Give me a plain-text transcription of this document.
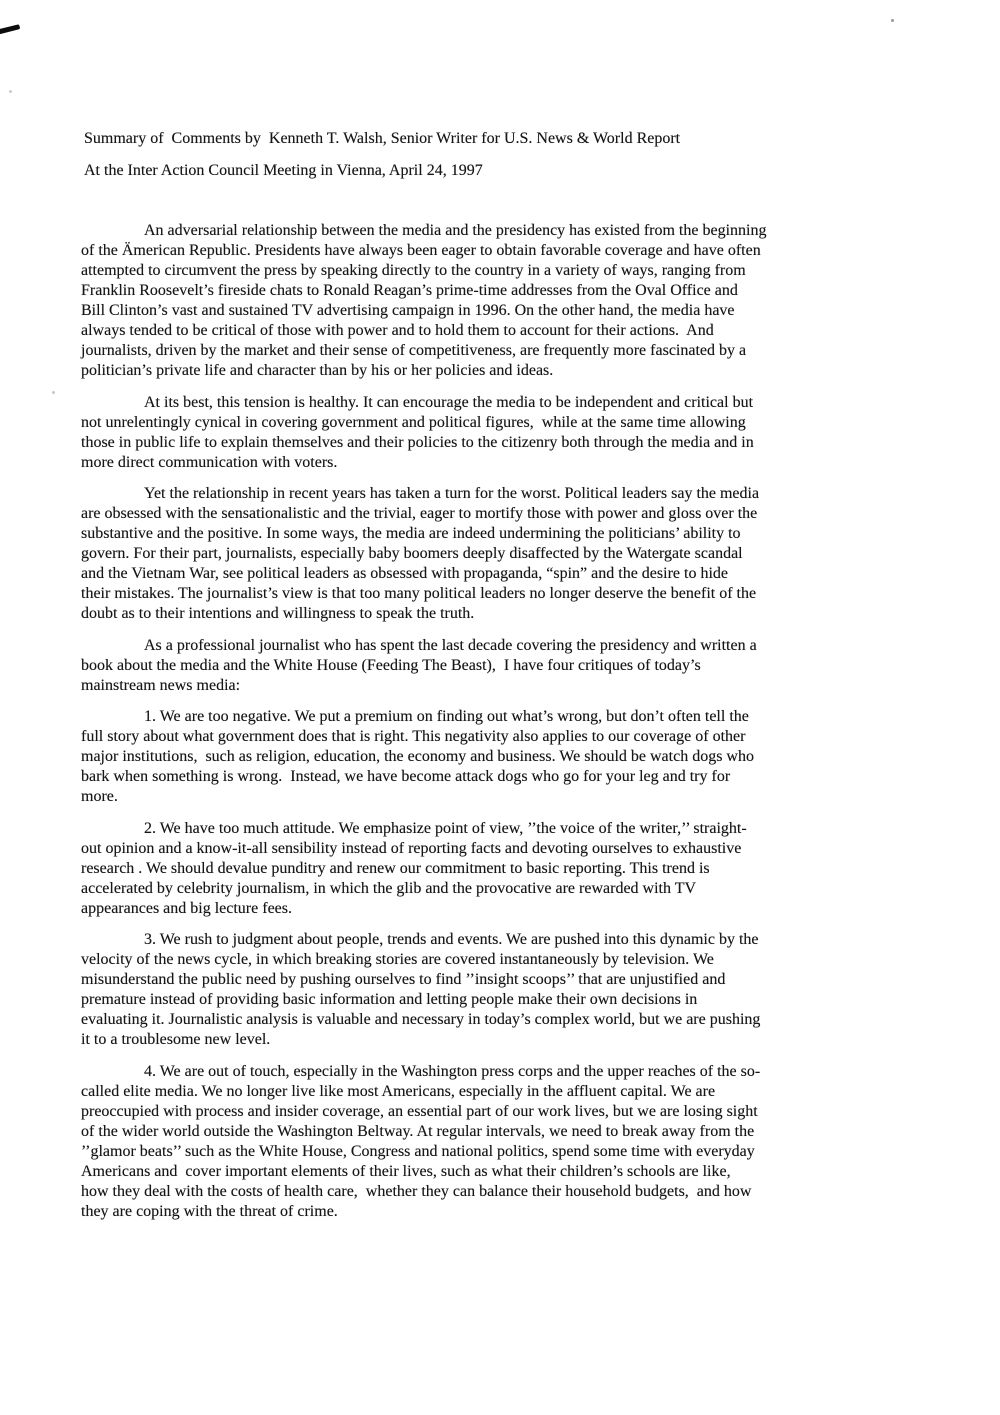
Summary of  Comments by  Kenneth T. Walsh, Senior Writer for U.S. News & World Report
At the Inter Action Council Meeting in Vienna, April 24, 1997
An adversarial relationship between the media and the presidency has existed from the beginning
of the Ämerican Republic. Presidents have always been eager to obtain favorable coverage and have often
attempted to circumvent the press by speaking directly to the country in a variety of ways, ranging from
Franklin Roosevelt’s fireside chats to Ronald Reagan’s prime-time addresses from the Oval Office and
Bill Clinton’s vast and sustained TV advertising campaign in 1996. On the other hand, the media have
always tended to be critical of those with power and to hold them to account for their actions.  And
journalists, driven by the market and their sense of competitiveness, are frequently more fascinated by a
politician’s private life and character than by his or her policies and ideas.
At its best, this tension is healthy. It can encourage the media to be independent and critical but
not unrelentingly cynical in covering government and political figures,  while at the same time allowing
those in public life to explain themselves and their policies to the citizenry both through the media and in
more direct communication with voters.
Yet the relationship in recent years has taken a turn for the worst. Political leaders say the media
are obsessed with the sensationalistic and the trivial, eager to mortify those with power and gloss over the
substantive and the positive. In some ways, the media are indeed undermining the politicians’ ability to
govern. For their part, journalists, especially baby boomers deeply disaffected by the Watergate scandal
and the Vietnam War, see political leaders as obsessed with propaganda, “spin” and the desire to hide
their mistakes. The journalist’s view is that too many political leaders no longer deserve the benefit of the
doubt as to their intentions and willingness to speak the truth.
As a professional journalist who has spent the last decade covering the presidency and written a
book about the media and the White House (Feeding The Beast),  I have four critiques of today’s
mainstream news media:
1. We are too negative. We put a premium on finding out what’s wrong, but don’t often tell the
full story about what government does that is right. This negativity also applies to our coverage of other
major institutions,  such as religion, education, the economy and business. We should be watch dogs who
bark when something is wrong.  Instead, we have become attack dogs who go for your leg and try for
more.
2. We have too much attitude. We emphasize point of view, ’’the voice of the writer,’’ straight-
out opinion and a know-it-all sensibility instead of reporting facts and devoting ourselves to exhaustive
research . We should devalue punditry and renew our commitment to basic reporting. This trend is
accelerated by celebrity journalism, in which the glib and the provocative are rewarded with TV
appearances and big lecture fees.
3. We rush to judgment about people, trends and events. We are pushed into this dynamic by the
velocity of the news cycle, in which breaking stories are covered instantaneously by television. We
misunderstand the public need by pushing ourselves to find ’’insight scoops’’ that are unjustified and
premature instead of providing basic information and letting people make their own decisions in
evaluating it. Journalistic analysis is valuable and necessary in today’s complex world, but we are pushing
it to a troublesome new level.
4. We are out of touch, especially in the Washington press corps and the upper reaches of the so-
called elite media. We no longer live like most Americans, especially in the affluent capital. We are
preoccupied with process and insider coverage, an essential part of our work lives, but we are losing sight
of the wider world outside the Washington Beltway. At regular intervals, we need to break away from the
’’glamor beats’’ such as the White House, Congress and national politics, spend some time with everyday
Americans and  cover important elements of their lives, such as what their children’s schools are like,
how they deal with the costs of health care,  whether they can balance their household budgets,  and how
they are coping with the threat of crime.
